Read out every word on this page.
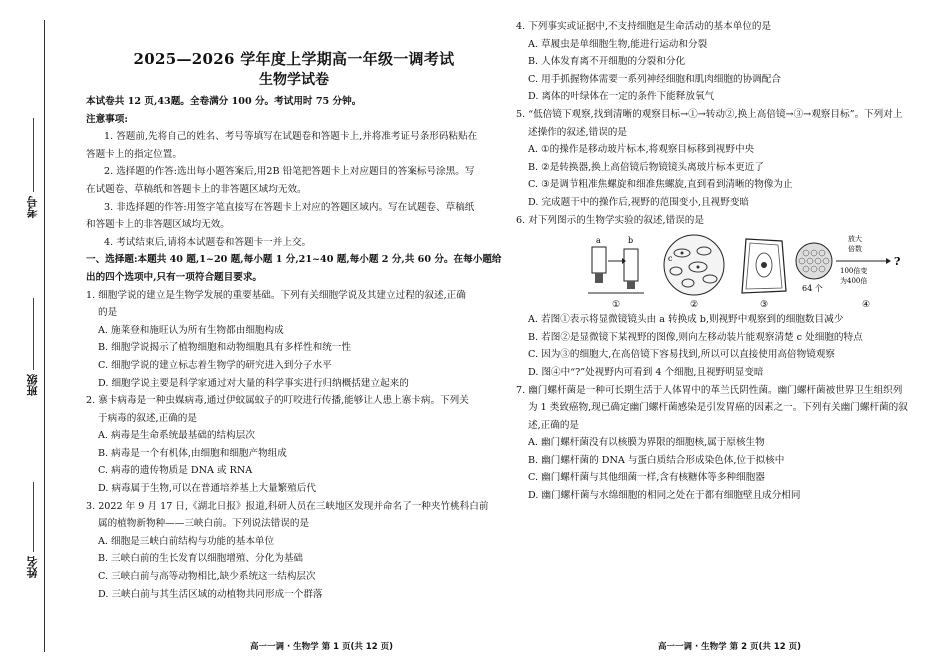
考号
班级
姓名
2025—2026 学年度上学期高一年级一调考试
生物学试卷
本试卷共 12 页,43题。全卷满分 100 分。考试用时 75 分钟。
注意事项:
1. 答题前,先将自己的姓名、考号等填写在试题卷和答题卡上,并将准考证号条形码粘贴在
答题卡上的指定位置。
2. 选择题的作答:选出每小题答案后,用2B 铅笔把答题卡上对应题目的答案标号涂黑。写
在试题卷、草稿纸和答题卡上的非答题区域均无效。
3. 非选择题的作答:用签字笔直接写在答题卡上对应的答题区域内。写在试题卷、草稿纸
和答题卡上的非答题区域均无效。
4. 考试结束后,请将本试题卷和答题卡一并上交。
一、选择题:本题共 40 题,1~20 题,每小题 1 分,21~40 题,每小题 2 分,共 60 分。在每小题给
出的四个选项中,只有一项符合题目要求。
1. 细胞学说的建立是生物学发展的重要基础。下列有关细胞学说及其建立过程的叙述,正确
的是
A. 施莱登和施旺认为所有生物都由细胞构成
B. 细胞学说揭示了植物细胞和动物细胞具有多样性和统一性
C. 细胞学说的建立标志着生物学的研究进入到分子水平
D. 细胞学说主要是科学家通过对大量的科学事实进行归纳概括建立起来的
2. 寨卡病毒是一种虫媒病毒,通过伊蚊属蚊子的叮咬进行传播,能够让人患上寨卡病。下列关
于病毒的叙述,正确的是
A. 病毒是生命系统最基础的结构层次
B. 病毒是一个有机体,由细胞和细胞产物组成
C. 病毒的遗传物质是 DNA 或 RNA
D. 病毒属于生物,可以在普通培养基上大量繁殖后代
3. 2022 年 9 月 17 日,《湖北日报》报道,科研人员在三峡地区发现并命名了一种夹竹桃科白前
属的植物新物种——三峡白前。下列说法错误的是
A. 细胞是三峡白前结构与功能的基本单位
B. 三峡白前的生长发育以细胞增殖、分化为基础
C. 三峡白前与高等动物相比,缺少系统这一结构层次
D. 三峡白前与其生活区域的动植物共同形成一个群落
4. 下列事实或证据中,不支持细胞是生命活动的基本单位的是
A. 草履虫是单细胞生物,能进行运动和分裂
B. 人体发育离不开细胞的分裂和分化
C. 用手抓握物体需要一系列神经细胞和肌肉细胞的协调配合
D. 离体的叶绿体在一定的条件下能释放氧气
5. “低倍镜下观察,找到清晰的观察目标→①→转动②,换上高倍镜→③→观察目标”。下列对上
述操作的叙述,错误的是
A. ①的操作是移动玻片标本,将观察目标移到视野中央
B. ②是转换器,换上高倍镜后物镜镜头离玻片标本更近了
C. ③是调节粗准焦螺旋和细准焦螺旋,直到看到清晰的物像为止
D. 完成题干中的操作后,视野的范围变小,且视野变暗
6. 对下列图示的生物学实验的叙述,错误的是
a	b
①
c
②	③
64 个
放大
倍数
100倍变
为400倍
?
④
A. 若图①表示将显微镜镜头由 a 转换成 b,则视野中观察到的细胞数目减少
B. 若图②是显微镜下某视野的图像,则向左移动装片能观察清楚 c 处细胞的特点
C. 因为③的细胞大,在高倍镜下容易找到,所以可以直接使用高倍物镜观察
D. 图④中“?”处视野内可看到 4 个细胞,且视野明显变暗
7. 幽门螺杆菌是一种可长期生活于人体胃中的革兰氏阴性菌。幽门螺杆菌被世界卫生组织列
为 1 类致癌物,现已确定幽门螺杆菌感染是引发胃癌的因素之一。下列有关幽门螺杆菌的叙
述,正确的是
A. 幽门螺杆菌没有以核膜为界限的细胞核,属于原核生物
B. 幽门螺杆菌的 DNA 与蛋白质结合形成染色体,位于拟核中
C. 幽门螺杆菌与其他细菌一样,含有核糖体等多种细胞器
D. 幽门螺杆菌与水绵细胞的相同之处在于都有细胞壁且成分相同
高一一调 · 生物学 第 1 页(共 12 页)	高一一调 · 生物学 第 2 页(共 12 页)
